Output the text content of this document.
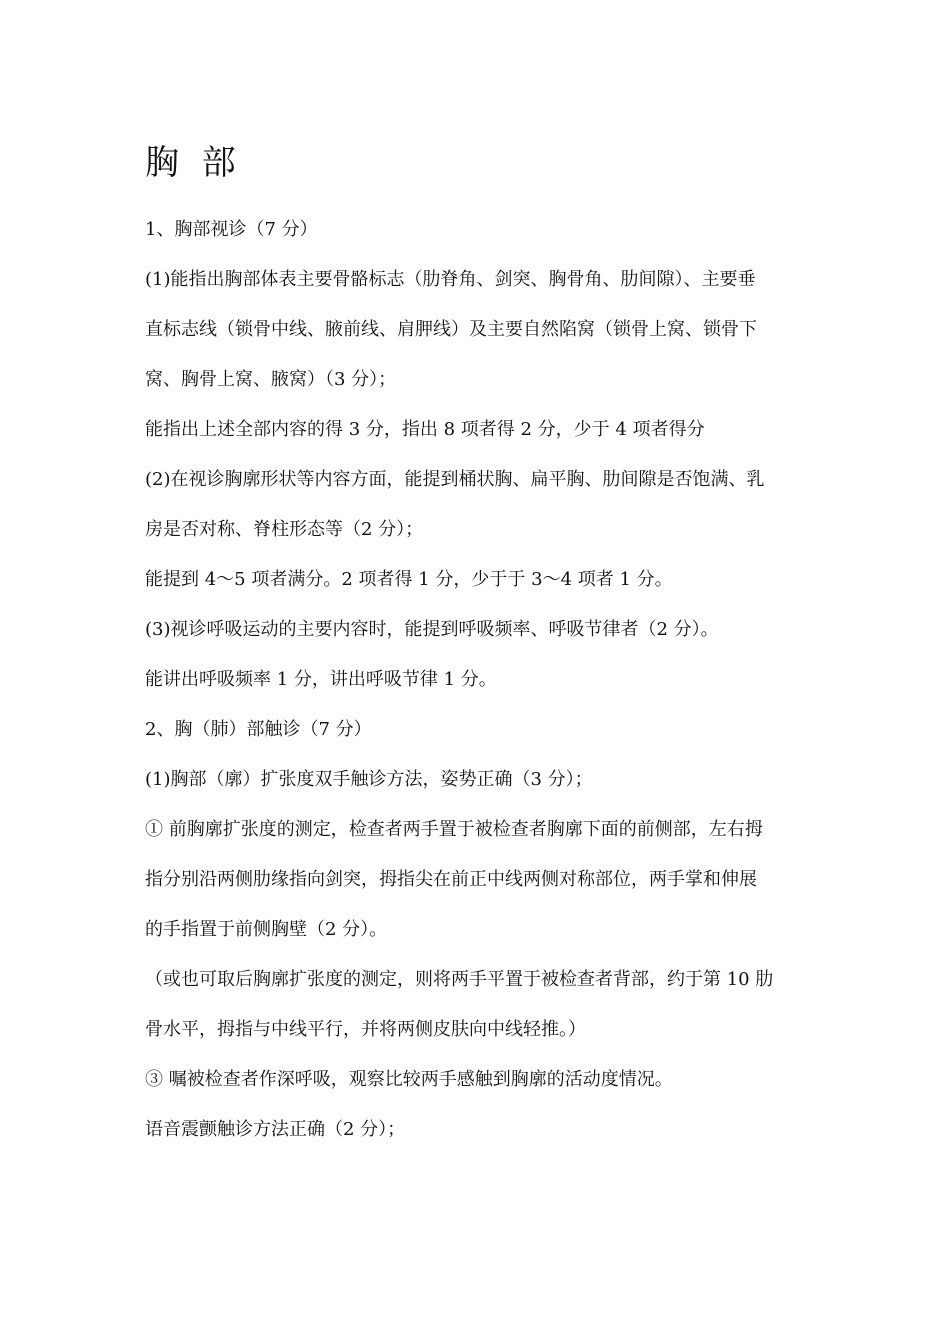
胸 部

1、胸部视诊（7 分）

(1)能指出胸部体表主要骨骼标志（肋脊角、剑突、胸骨角、肋间隙）、主要垂

直标志线（锁骨中线、腋前线、肩胛线）及主要自然陷窝（锁骨上窝、锁骨下

窝、胸骨上窝、腋窝）（3 分）；

能指出上述全部内容的得 3 分，指出 8 项者得 2 分，少于 4 项者得分

(2)在视诊胸廓形状等内容方面，能提到桶状胸、扁平胸、肋间隙是否饱满、乳

房是否对称、脊柱形态等（2 分）；

能提到 4～5 项者满分。2 项者得 1 分，少于于 3～4 项者 1 分。

(3)视诊呼吸运动的主要内容时，能提到呼吸频率、呼吸节律者（2 分）。

能讲出呼吸频率 1 分，讲出呼吸节律 1 分。

2、胸（肺）部触诊（7 分）

(1)胸部（廓）扩张度双手触诊方法，姿势正确（3 分）；

① 前胸廓扩张度的测定，检查者两手置于被检查者胸廓下面的前侧部，左右拇

指分别沿两侧肋缘指向剑突，拇指尖在前正中线两侧对称部位，两手掌和伸展

的手指置于前侧胸壁（2 分）。

（或也可取后胸廓扩张度的测定，则将两手平置于被检查者背部，约于第 10 肋

骨水平，拇指与中线平行，并将两侧皮肤向中线轻推。）

③ 嘱被检查者作深呼吸，观察比较两手感触到胸廓的活动度情况。

语音震颤触诊方法正确（2 分）；
